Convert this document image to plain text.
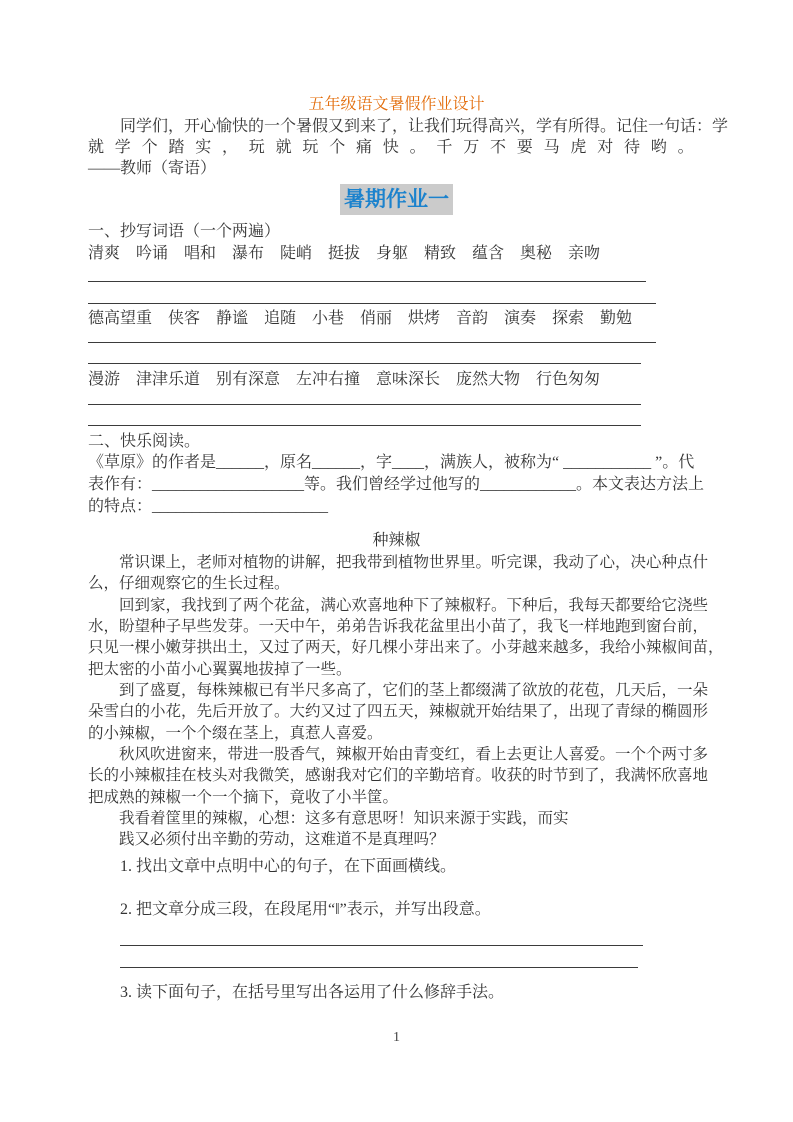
五年级语文暑假作业设计
同学们，开心愉快的一个暑假又到来了，让我们玩得高兴，学有所得。记住一句话：学
就学个踏实，玩就玩个痛快。千万不要马虎对待哟。
——教师（寄语）
暑期作业一
一、抄写词语（一个两遍）
清爽　吟诵　唱和　瀑布　陡峭　挺拔　身躯　精致　蕴含　奥秘　亲吻
德高望重　侠客　静谧　追随　小巷　俏丽　烘烤　音韵　演奏　探索　勤勉
漫游　津津乐道　别有深意　左冲右撞　意味深长　庞然大物　行色匆匆
二、快乐阅读。
《草原》的作者是______，原名______，字____，满族人，被称为“ ___________ ”。代
表作有：___________________等。我们曾经学过他写的____________。本文表达方法上
的特点：______________________
种辣椒
常识课上，老师对植物的讲解，把我带到植物世界里。听完课，我动了心，决心种点什
么，仔细观察它的生长过程。
回到家，我找到了两个花盆，满心欢喜地种下了辣椒籽。下种后，我每天都要给它浇些
水，盼望种子早些发芽。一天中午，弟弟告诉我花盆里出小苗了，我飞一样地跑到窗台前，
只见一棵小嫩芽拱出土，又过了两天，好几棵小芽出来了。小芽越来越多，我给小辣椒间苗，
把太密的小苗小心翼翼地拔掉了一些。
到了盛夏，每株辣椒已有半尺多高了，它们的茎上都缀满了欲放的花苞，几天后，一朵
朵雪白的小花，先后开放了。大约又过了四五天，辣椒就开始结果了，出现了青绿的椭圆形
的小辣椒，一个个缀在茎上，真惹人喜爱。
秋风吹进窗来，带进一股香气，辣椒开始由青变红，看上去更让人喜爱。一个个两寸多
长的小辣椒挂在枝头对我微笑，感谢我对它们的辛勤培育。收获的时节到了，我满怀欣喜地
把成熟的辣椒一个一个摘下，竟收了小半筐。
我看着筐里的辣椒，心想：这多有意思呀！知识来源于实践，而实
践又必须付出辛勤的劳动，这难道不是真理吗？
1. 找出文章中点明中心的句子，在下面画横线。
2. 把文章分成三段，在段尾用“‖”表示，并写出段意。
3. 读下面句子，在括号里写出各运用了什么修辞手法。
1
